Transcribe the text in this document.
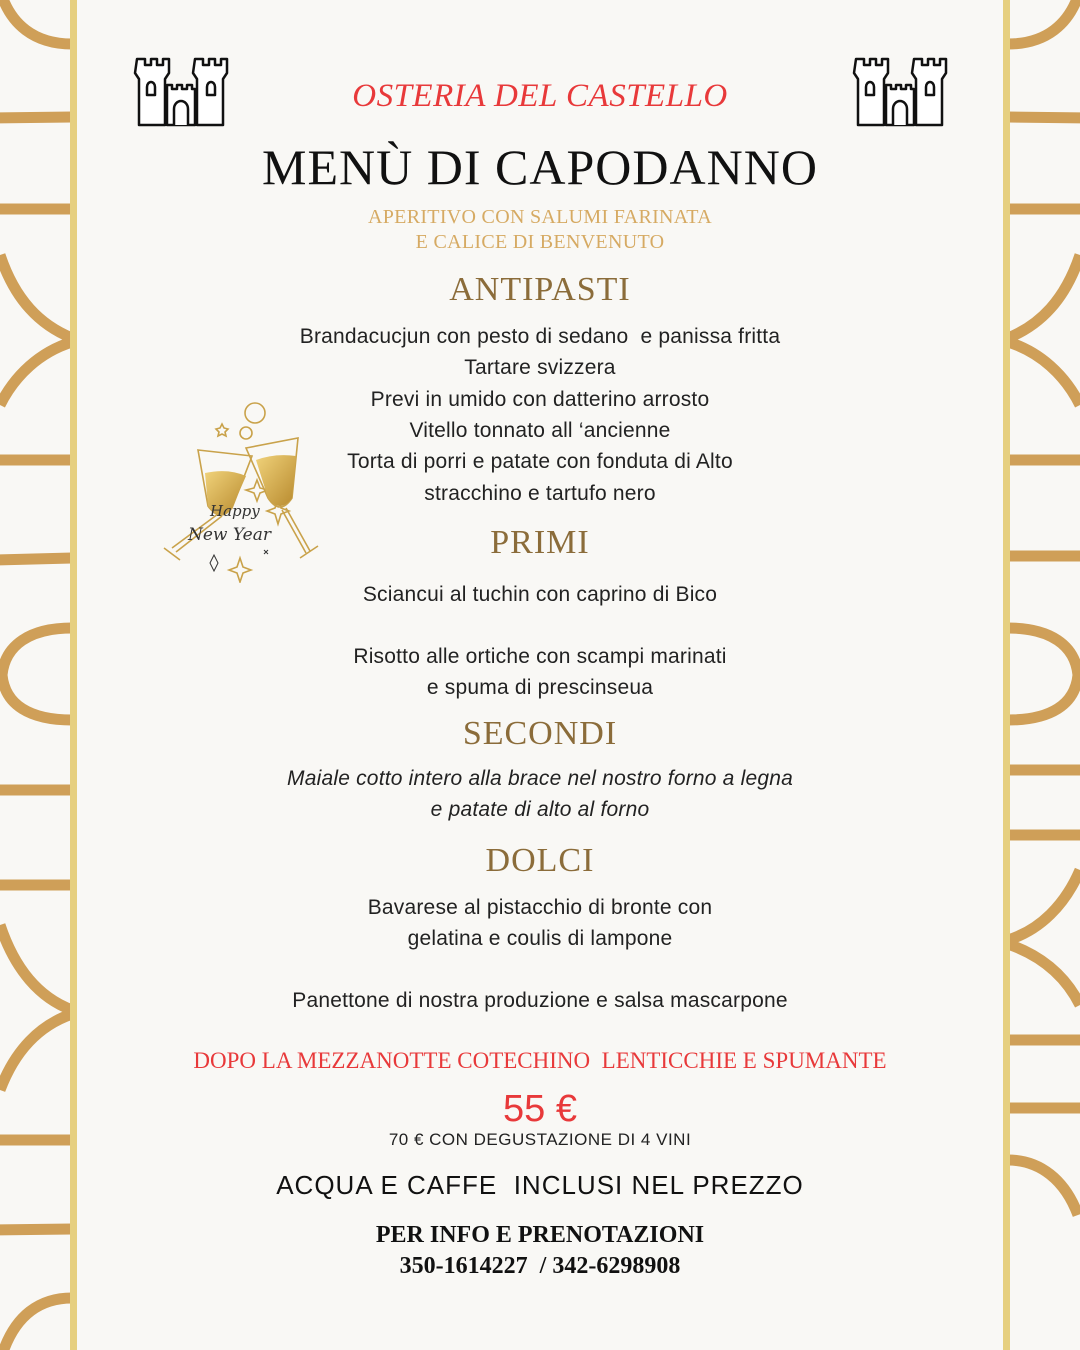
Happy
New Year
OSTERIA DEL CASTELLO
MENÙ DI CAPODANNO
APERITIVO CON SALUMI FARINATA
E CALICE DI BENVENUTO
ANTIPASTI
Brandacucjun con pesto di sedano  e panissa fritta
Tartare svizzera
Previ in umido con datterino arrosto
Vitello tonnato all ‘ancienne
Torta di porri e patate con fonduta di Alto
stracchino e tartufo nero
PRIMI
Sciancui al tuchin con caprino di Bico
Risotto alle ortiche con scampi marinati
e spuma di prescinseua
SECONDI
Maiale cotto intero alla brace nel nostro forno a legna
e patate di alto al forno
DOLCI
Bavarese al pistacchio di bronte con
gelatina e coulis di lampone
Panettone di nostra produzione e salsa mascarpone
DOPO LA MEZZANOTTE COTECHINO  LENTICCHIE E SPUMANTE
55 €
70 € CON DEGUSTAZIONE DI 4 VINI
ACQUA E CAFFE  INCLUSI NEL PREZZO
PER INFO E PRENOTAZIONI
350-1614227  / 342-6298908
